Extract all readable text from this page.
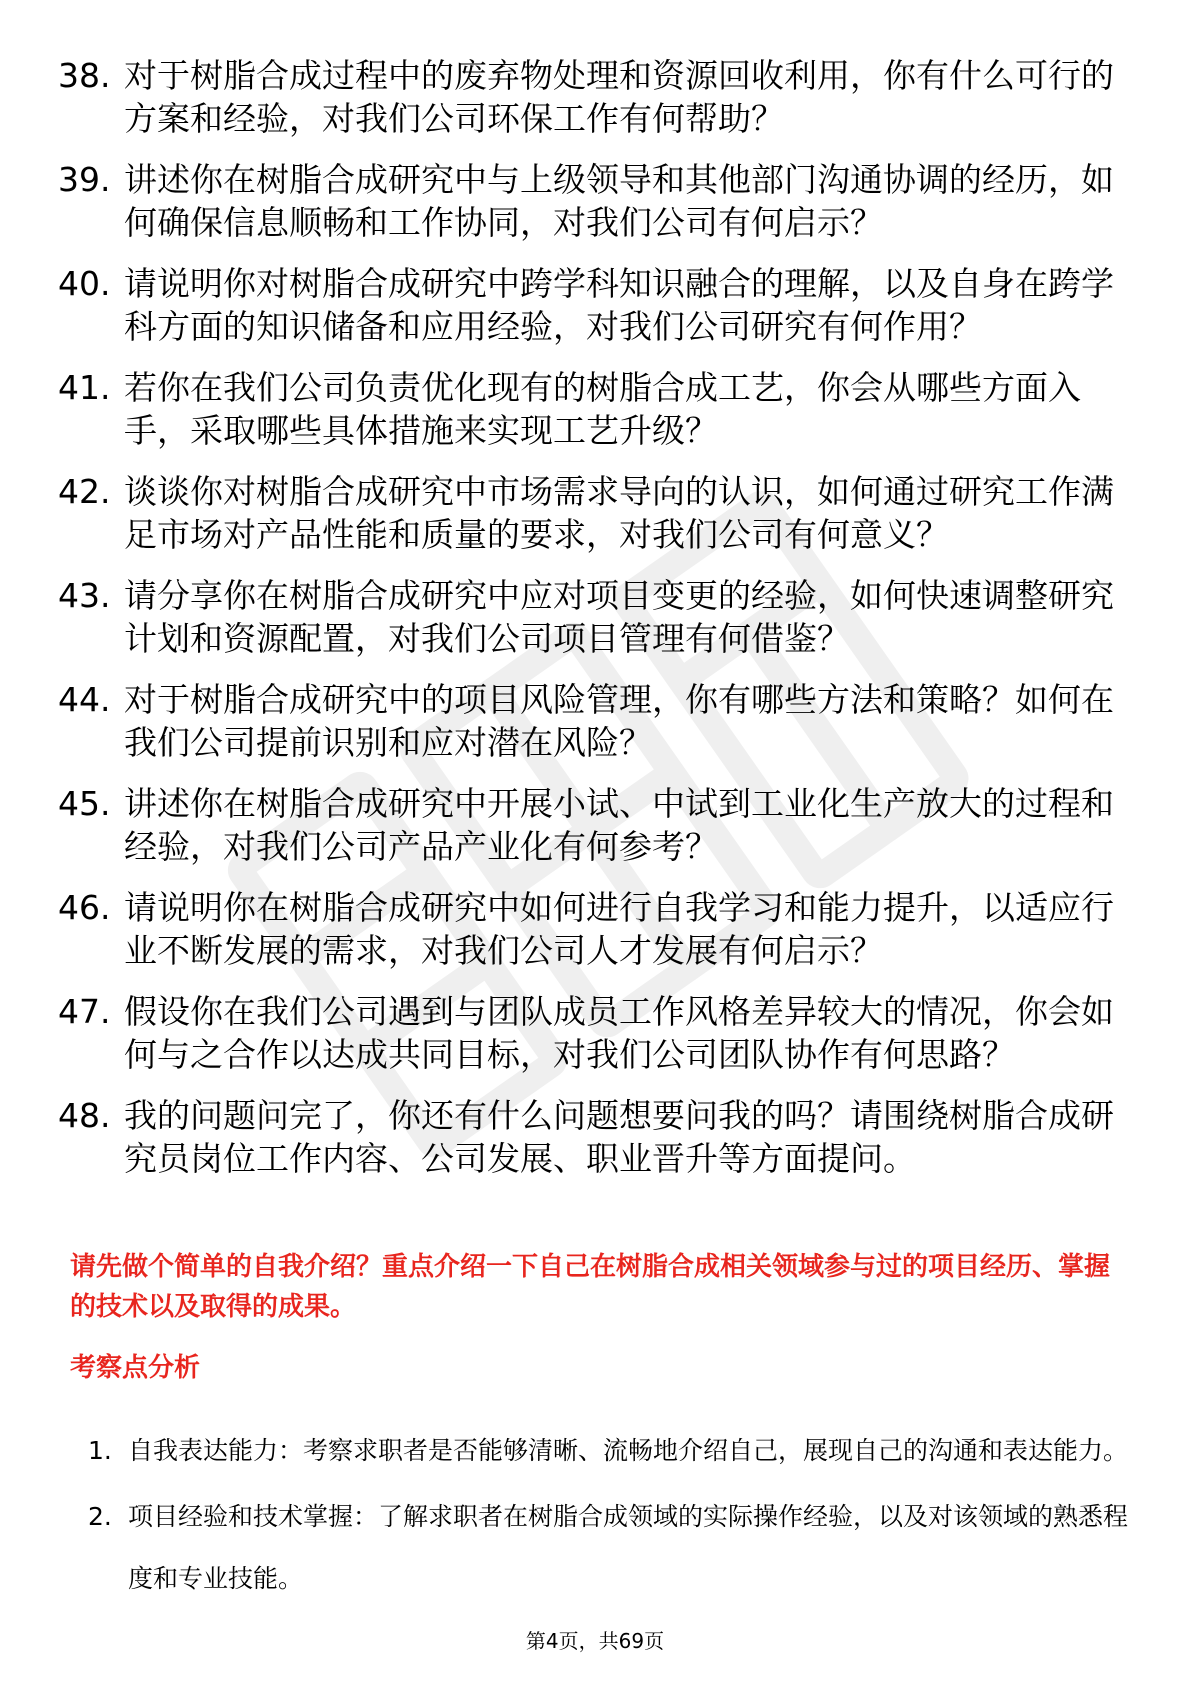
38. 对于树脂合成过程中的废弃物处理和资源回收利用，你有什么可行的方案和经验，对我们公司环保工作有何帮助？
39. 讲述你在树脂合成研究中与上级领导和其他部门沟通协调的经历，如何确保信息顺畅和工作协同，对我们公司有何启示？
40. 请说明你对树脂合成研究中跨学科知识融合的理解，以及自身在跨学科方面的知识储备和应用经验，对我们公司研究有何作用？
41. 若你在我们公司负责优化现有的树脂合成工艺，你会从哪些方面入手，采取哪些具体措施来实现工艺升级？
42. 谈谈你对树脂合成研究中市场需求导向的认识，如何通过研究工作满足市场对产品性能和质量的要求，对我们公司有何意义？
43. 请分享你在树脂合成研究中应对项目变更的经验，如何快速调整研究计划和资源配置，对我们公司项目管理有何借鉴？
44. 对于树脂合成研究中的项目风险管理，你有哪些方法和策略？如何在我们公司提前识别和应对潜在风险？
45. 讲述你在树脂合成研究中开展小试、中试到工业化生产放大的过程和经验，对我们公司产品产业化有何参考？
46. 请说明你在树脂合成研究中如何进行自我学习和能力提升，以适应行业不断发展的需求，对我们公司人才发展有何启示？
47. 假设你在我们公司遇到与团队成员工作风格差异较大的情况，你会如何与之合作以达成共同目标，对我们公司团队协作有何思路？
48. 我的问题问完了，你还有什么问题想要问我的吗？请围绕树脂合成研究员岗位工作内容、公司发展、职业晋升等方面提问。
请先做个简单的自我介绍？重点介绍一下自己在树脂合成相关领域参与过的项目经历、掌握的技术以及取得的成果。
考察点分析
1. 自我表达能力：考察求职者是否能够清晰、流畅地介绍自己，展现自己的沟通和表达能力。
2. 项目经验和技术掌握：了解求职者在树脂合成领域的实际操作经验，以及对该领域的熟悉程度和专业技能。
第4页，共69页
